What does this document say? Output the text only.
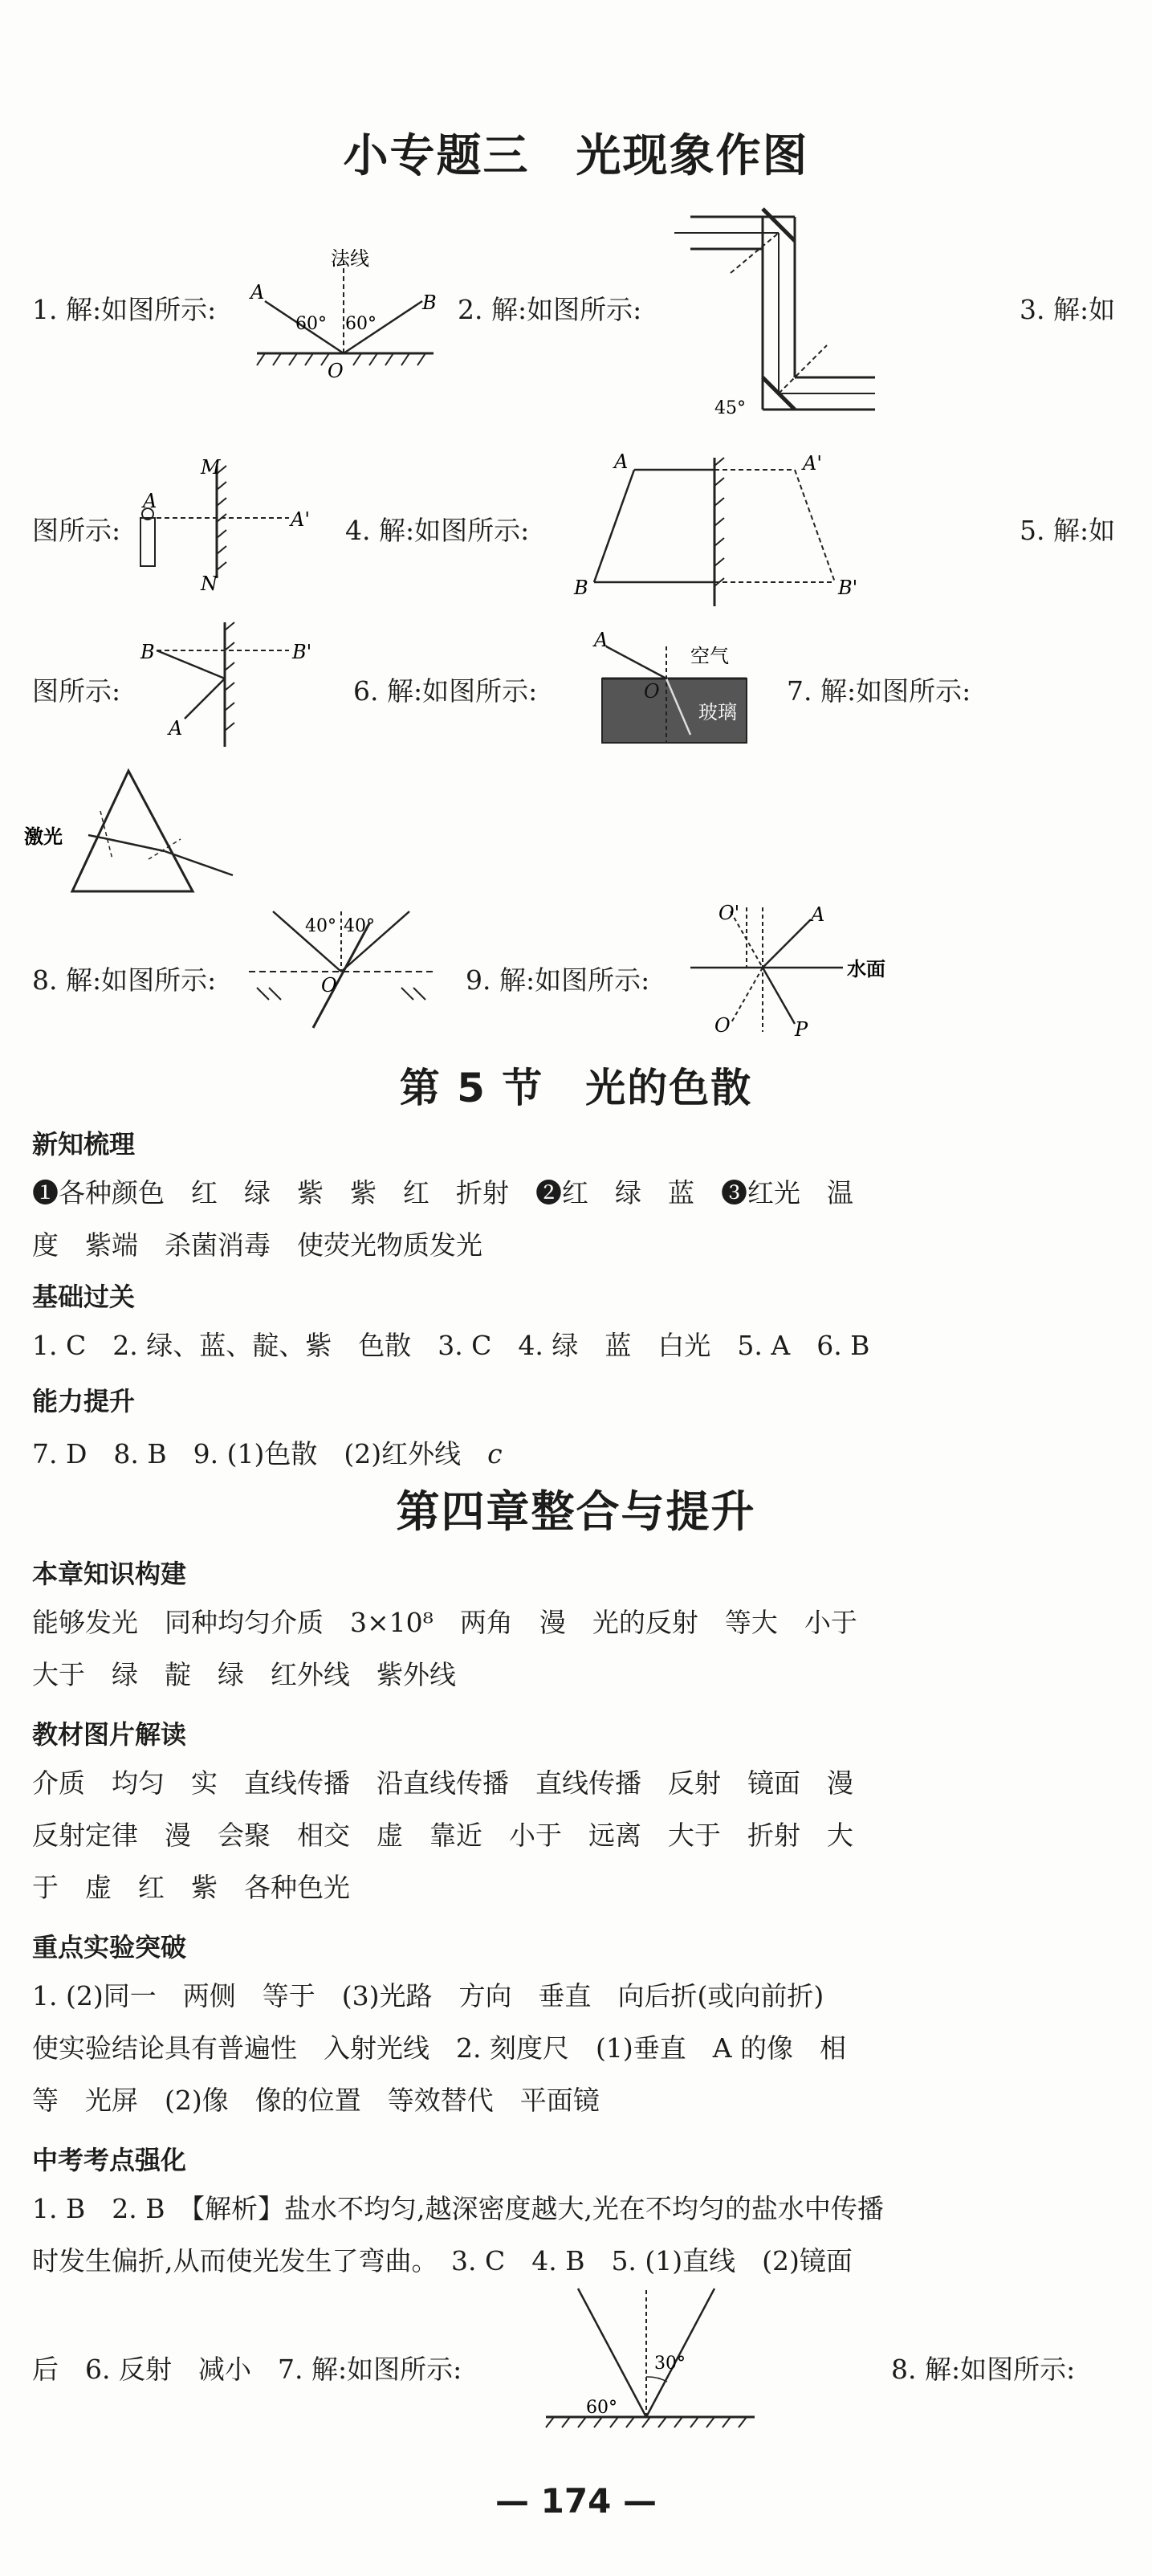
小专题三　光现象作图
1. 解:如图所示:
法线
A	B
O
60° 60°	2. 解:如图所示:
45°
3. 解:如
图所示:
M
N
A
A' 4. 解:如图所示:
A	A'
B	B'
5. 解:如
图所示:
B	B'
A
6. 解:如图所示:
A
O
空气
玻璃
7. 解:如图所示:
激光
8. 解:如图所示:
40° 40°
O	9. 解:如图所示:
O'	A
O	P
水面
第 5 节　光的色散
新知梳理
❶各种颜色　红　绿　紫　紫　红　折射　❷红　绿　蓝　❸红光　温
度　紫端　杀菌消毒　使荧光物质发光
基础过关
1. C　2. 绿、蓝、靛、紫　色散　3. C　4. 绿　蓝　白光　5. A　6. B
能力提升
7. D　8. B　9. (1)色散　(2)红外线　c
第四章整合与提升
本章知识构建
能够发光　同种均匀介质　3×10⁸　两角　漫　光的反射　等大　小于
大于　绿　靛　绿　红外线　紫外线
教材图片解读
介质　均匀　实　直线传播　沿直线传播　直线传播　反射　镜面　漫
反射定律　漫　会聚　相交　虚　靠近　小于　远离　大于　折射　大
于　虚　红　紫　各种色光
重点实验突破
1. (2)同一　两侧　等于　(3)光路　方向　垂直　向后折(或向前折)
使实验结论具有普遍性　入射光线　2. 刻度尺　(1)垂直　A 的像　相
等　光屏　(2)像　像的位置　等效替代　平面镜
中考考点强化
1. B　2. B　【解析】盐水不均匀,越深密度越大,光在不均匀的盐水中传播
时发生偏折,从而使光发生了弯曲。　3. C　4. B　5. (1)直线　(2)镜面
后　6. 反射　减小　7. 解:如图所示:	8. 解:如图所示:
30°
60°
— 174 —
